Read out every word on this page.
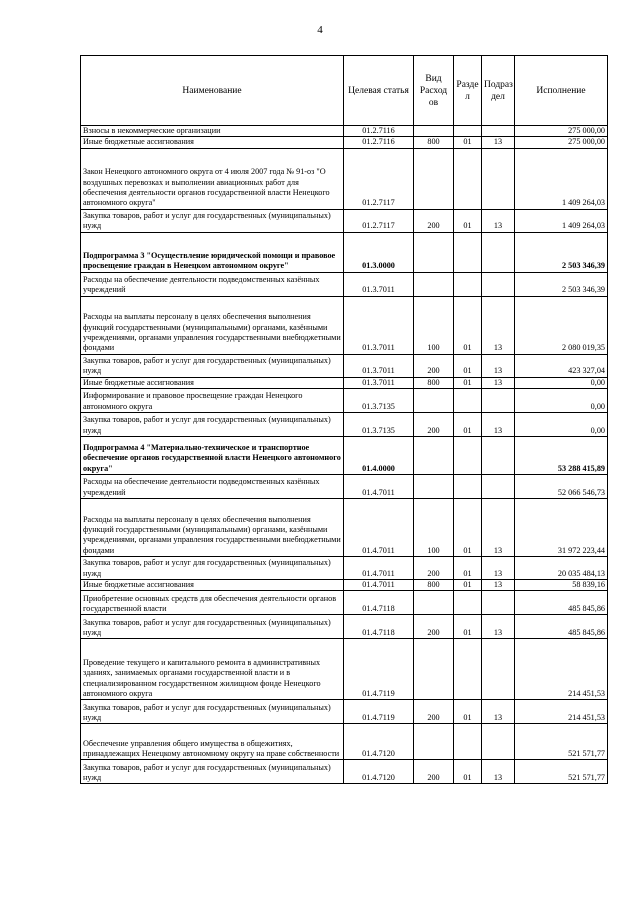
4
Наименование	Целевая статья	Вид Расход ов	Разде л	Подраз дел	Исполнение
Взносы в некоммерческие организации	01.2.7116				275 000,00
Иные бюджетные ассигнования	01.2.7116	800	01	13	275 000,00
Закон Ненецкого автономного округа от 4 июля 2007 года № 91-оз "О воздушных перевозках и выполнении авиационных работ для обеспечения деятельности органов государственной власти Ненецкого автономного округа"	01.2.7117				1 409 264,03
Закупка товаров, работ и услуг для государственных (муниципальных) нужд	01.2.7117	200	01	13	1 409 264,03
Подпрограмма 3 "Осуществление юридической помощи и правовое просвещение граждан в Ненецком автономном округе"	01.3.0000				2 503 346,39
Расходы на обеспечение деятельности подведомственных казённых учреждений	01.3.7011				2 503 346,39
Расходы на выплаты персоналу в целях обеспечения выполнения функций государственными (муниципальными) органами, казёнными учреждениями, органами управления государственными внебюджетными фондами	01.3.7011	100	01	13	2 080 019,35
Закупка товаров, работ и услуг для государственных (муниципальных) нужд	01.3.7011	200	01	13	423 327,04
Иные бюджетные ассигнования	01.3.7011	800	01	13	0,00
Информирование и правовое просвещение граждан Ненецкого автономного округа	01.3.7135				0,00
Закупка товаров, работ и услуг для государственных (муниципальных) нужд	01.3.7135	200	01	13	0,00
Подпрограмма 4 "Материально-техническое и транспортное обеспечение органов государственной власти Ненецкого автономного округа"	01.4.0000				53 288 415,89
Расходы на обеспечение деятельности подведомственных казённых учреждений	01.4.7011				52 066 546,73
Расходы на выплаты персоналу в целях обеспечения выполнения функций государственными (муниципальными) органами, казёнными учреждениями, органами управления государственными внебюджетными фондами	01.4.7011	100	01	13	31 972 223,44
Закупка товаров, работ и услуг для государственных (муниципальных) нужд	01.4.7011	200	01	13	20 035 484,13
Иные бюджетные ассигнования	01.4.7011	800	01	13	58 839,16
Приобретение основных средств для обеспечения деятельности органов государственной власти	01.4.7118				485 845,86
Закупка товаров, работ и услуг для государственных (муниципальных) нужд	01.4.7118	200	01	13	485 845,86
Проведение текущего и капитального ремонта в административных зданиях, занимаемых органами государственной власти и в специализированном государственном жилищном фонде Ненецкого автономного округа	01.4.7119				214 451,53
Закупка товаров, работ и услуг для государственных (муниципальных) нужд	01.4.7119	200	01	13	214 451,53
Обеспечение управления общего имущества в общежитиях, принадлежащих Ненецкому автономному округу на праве собственности	01.4.7120				521 571,77
Закупка товаров, работ и услуг для государственных (муниципальных) нужд	01.4.7120	200	01	13	521 571,77
